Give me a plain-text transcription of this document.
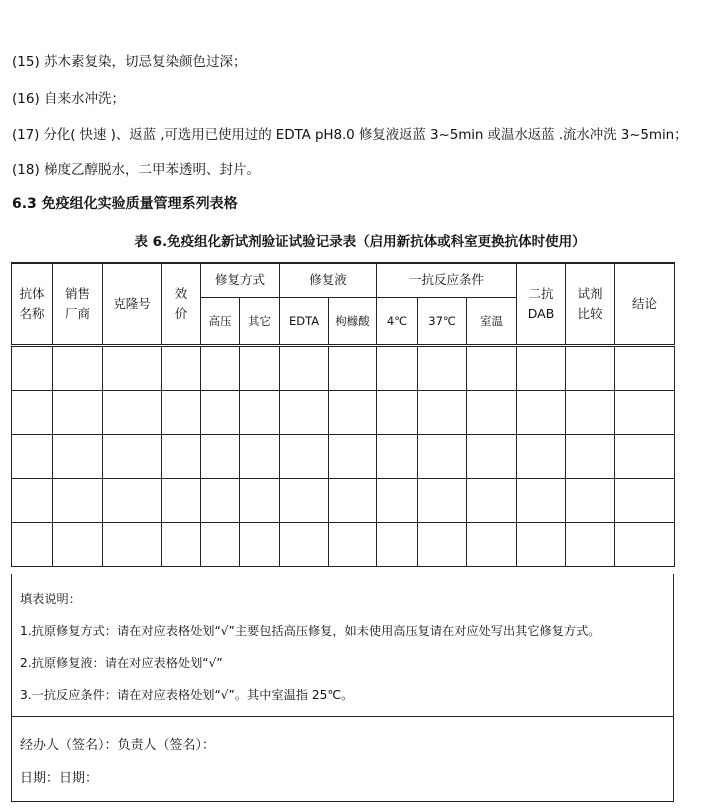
(15) 苏木素复染，切忌复染颜色过深；
(16) 自来水冲洗；
(17) 分化( 快速 )、返蓝 ,可选用已使用过的 EDTA pH8.0 修复液返蓝 3~5min 或温水返蓝 .流水冲洗 3~5min；
(18) 梯度乙醇脱水，二甲苯透明、封片。
6.3 免疫组化实验质量管理系列表格
表 6.免疫组化新试剂验证试验记录表（启用新抗体或科室更换抗体时使用）
抗体名称	销售厂商	克隆号	效价	修复方式		修复液		一抗反应条件			二抗DAB	试剂比较	结论
				高压	其它	EDTA	枸橼酸	4℃	37℃	室温			

填表说明：
1.抗原修复方式：请在对应表格处划“√”主要包括高压修复，如未使用高压复请在对应处写出其它修复方式。
2.抗原修复液：请在对应表格处划“√”
3.一抗反应条件：请在对应表格处划“√”。其中室温指 25℃。
经办人（签名）：负责人（签名）：
日期：日期：
